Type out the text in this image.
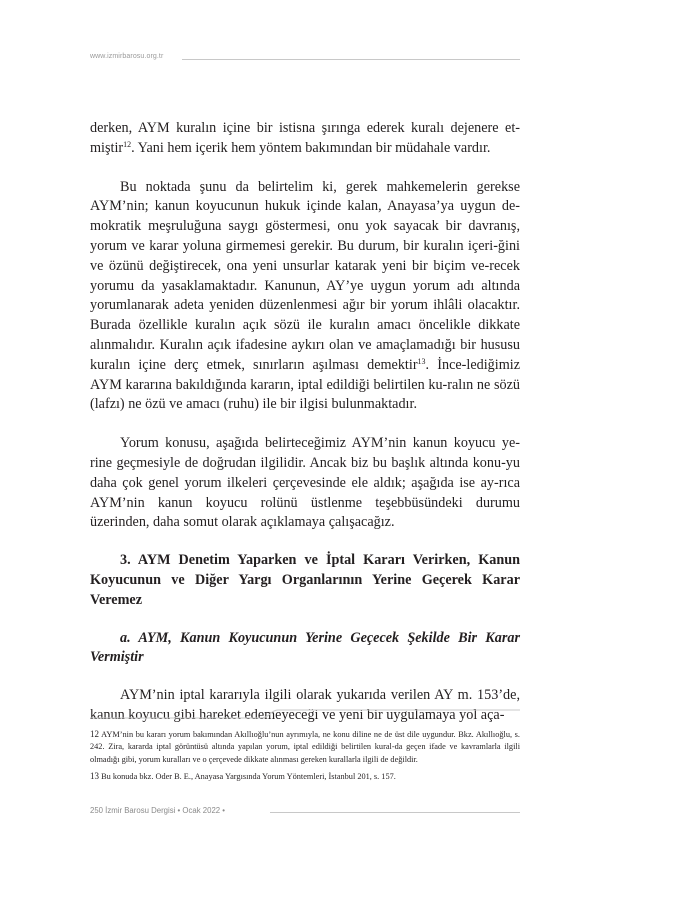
www.izmirbarosu.org.tr

derken, AYM kuralın içine bir istisna şırınga ederek kuralı dejenere et-miştir$^{12}$. Yani hem içerik hem yöntem bakımından bir müdahale vardır.

Bu noktada şunu da belirtelim ki, gerek mahkemelerin gerekse AYM’nin; kanun koyucunun hukuk içinde kalan, Anayasa’ya uygun de-mokratik meşruluğuna saygı göstermesi, onu yok sayacak bir davranış, yorum ve karar yoluna girmemesi gerekir. Bu durum, bir kuralın içeri-ğini ve özünü değiştirecek, ona yeni unsurlar katarak yeni bir biçim ve-recek yorumu da yasaklamaktadır. Kanunun, AY’ye uygun yorum adı altında yorumlanarak adeta yeniden düzenlenmesi ağır bir yorum ihlâli olacaktır. Burada özellikle kuralın açık sözü ile kuralın amacı öncelikle dikkate alınmalıdır. Kuralın açık ifadesine aykırı olan ve amaçlamadığı bir hususu kuralın içine derç etmek, sınırların aşılması demektir$^{13}$. İnce-lediğimiz AYM kararına bakıldığında kararın, iptal edildiği belirtilen ku-ralın ne sözü (lafzı) ne özü ve amacı (ruhu) ile bir ilgisi bulunmaktadır.

Yorum konusu, aşağıda belirteceğimiz AYM’nin kanun koyucu ye-rine geçmesiyle de doğrudan ilgilidir. Ancak biz bu başlık altında konu-yu daha çok genel yorum ilkeleri çerçevesinde ele aldık; aşağıda ise ay-rıca AYM’nin kanun koyucu rolünü üstlenme teşebbüsündeki durumu üzerinden, daha somut olarak açıklamaya çalışacağız.

3. AYM Denetim Yaparken ve İptal Kararı Verirken, Kanun Koyucunun ve Diğer Yargı Organlarının Yerine Geçerek Karar Veremez

a. AYM, Kanun Koyucunun Yerine Geçecek Şekilde Bir Karar Vermiştir

AYM’nin iptal kararıyla ilgili olarak yukarıda verilen AY m. 153’de, kanun koyucu gibi hareket edemeyeceği ve yeni bir uygulamaya yol aça-

12 AYM’nin bu kararı yorum bakımından Akıllıoğlu’nun ayrımıyla, ne konu diline ne de üst dile uygundur. Bkz. Akıllıoğlu, s. 242. Zira, kararda iptal görüntüsü altında yapılan yorum, iptal edildiği belirtilen kural-da geçen ifade ve kavramlarla ilgili olmadığı gibi, yorum kuralları ve o çerçevede dikkate alınması gereken kurallarla ilgili de değildir.

13 Bu konuda bkz. Oder B. E., Anayasa Yargısında Yorum Yöntemleri, İstanbul 201, s. 157.

250 İzmir Barosu Dergisi • Ocak 2022 •
